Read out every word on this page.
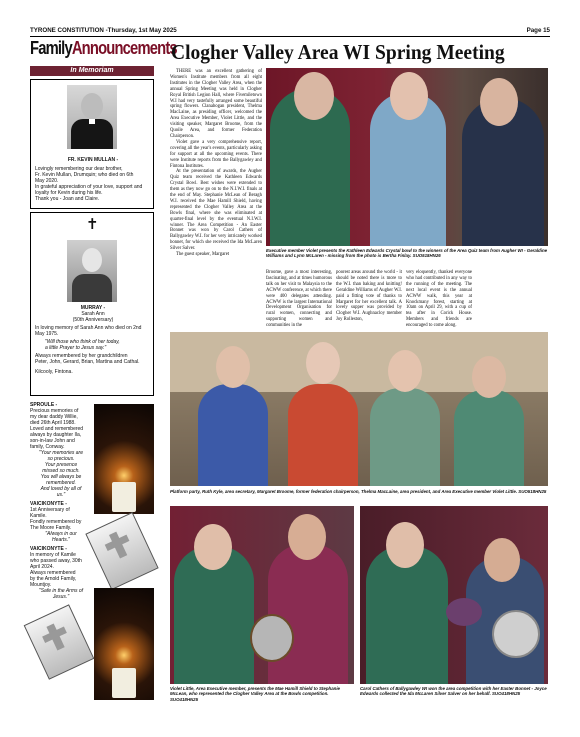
TYRONE CONSTITUTION -Thursday, 1st May 2025	Page 15
FamilyAnnouncements
In Memoriam
FR. KEVIN MULLAN -
Lovingly remembering our dear brother,
Fr. Kevin Mullan, Drumquin; who died on 6th
May 2020.
In grateful appreciation of your love, support and
loyalty for Kevin during his life.
Thank you - Joan and Claire.
✝
MURRAY -
Sarah Ann
(50th Anniversary)
In loving memory of Sarah Ann who died on 2nd
May 1975.
"Will those who think of her today,
a little Prayer to Jesus say."
Always remembered by her grandchildren
Peter, John, Gerard, Brian, Martina and Cathal.
Kilcooly, Fintona.
SPROULE -
Precious memories of
my dear daddy Willie,
died 26th April 1988.
Loved and remembered
always by daughter Ila,
son-in-law John and
family, Conway.
"Your memories are
so precious.
Your presence
missed so much.
You will always be
remembered.
And loved by all of
us."
VAICIKONYTE -
1st Anniversary of
Kamile.
Fondly remembered by
The Moore Family.
"Always in our
Hearts."
VAICIKONYTE -
In memory of Kamile
who passed away, 30th
April 2024.
Always remembered
by the Arnold Family,
Mountjoy.
"Safe in the Arms of
Jesus."
Clogher Valley Area WI Spring Meeting

THERE was an excellent gathering of Women's Institute members from all eight Institutes in the Clogher Valley Area, when the annual Spring Meeting was held in Clogher Royal British Legion Hall, where Fivemiletown W.I had very tastefully arranged some beautiful spring flowers. Clanabogan president, Thelma MacLaine, as presiding officer, welcomed the Area Executive Member, Violet Little, and the visiting speaker, Margaret Broome, from the Quoile Area, and former Federation Chairperson.

Violet gave a very comprehensive report, covering all the year's events, particularly asking for support at all the upcoming events. There were Institute reports from the Ballygawley and Fintona Institutes.

At the presentation of awards, the Augher Quiz team received the Kathleen Edwards Crystal Bowl. Best wishes were extended to them as they now go on to the N.I.W.I. finals at the end of May. Stephanie McLean of Beragh W.I. received the Mae Hamill Shield, having represented the Clogher Valley Area at the Bowls final, where she was eliminated at quarter-final level by the eventual N.I.W.I. winner. The Area Competition - An Easter Bonnet was won by Carol Cathers of Ballygawley W.I. for her very intricately worked bonnet, for which she received the Ida McLaren Silver Salver.

The guest speaker, Margaret

Executive member Violet presents the Kathleen Edwards Crystal bowl to the winners of the Area Quiz team from Augher WI - Geraldine Williams and Lynn McLaren - missing from the photo is Bertha Finlay. SUO518HN26
Broome, gave a most interesting, fascinating, and at times humorous talk on her visit to Malaysia to the ACWW conference, at which there were 400 delegates attending. ACWW is the largest International Development Organisation for rural women, connecting and supporting women and communities in the
poorest areas around the world - it should be noted there is more to the W.I. than baking and knitting! Geraldine Williams of Augher W.I. paid a fitting vote of thanks to Margaret for her excellent talk. A lovely supper was provided by Clogher W.I. Aughnacloy member Joy Rolleston,
very eloquently, thanked everyone who had contributed in any way to the running of the meeting. The next local event is the annual ACWW walk, this year at Knockmany forest, starting at 10am on April 29, with a cup of tea after in Corick House. Members and friends are encouraged to come along.
Platform party, Ruth Kyle, area secretary, Margaret Broome, former federation chairperson, Thelma MacLaine, area president, and Area Executive member Violet Little. SUO518HN25
Violet Little, Area Executive member, presents the Mae Hamill Shield to Stephanie McLean, who represented the Clogher Valley Area at the Bowls competition. SUO418HN25
Carol Cathers of Ballygawley WI won the area competition with her Easter Bonnet - Joyce Edwards collected the Ida McLaren Silver Salver on her behalf. SUO418HN25
